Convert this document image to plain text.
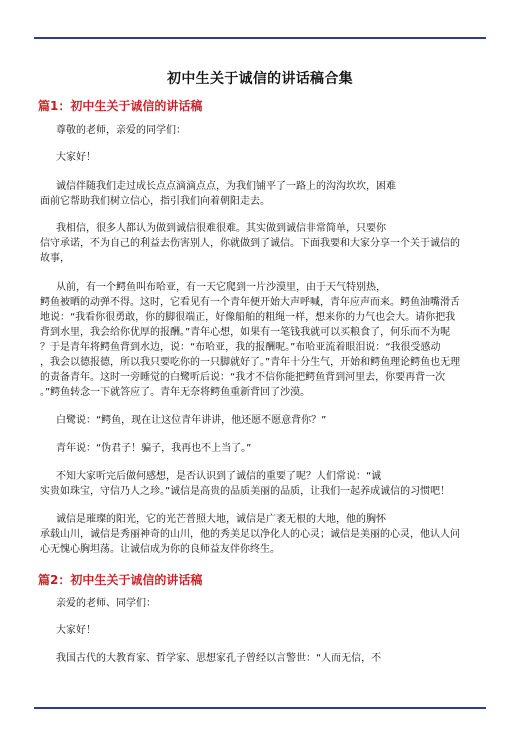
初中生关于诚信的讲话稿合集
篇1：初中生关于诚信的讲话稿
尊敬的老师，亲爱的同学们：
大家好！
诚信伴随我们走过成长点点滴滴点点，为我们铺平了一路上的沟沟坎坎，困难
面前它帮助我们树立信心，指引我们向着朝阳走去。
我相信，很多人都认为做到诚信很难很难。其实做到诚信非常简单，只要你
信守承诺，不为自己的利益去伤害别人，你就做到了诚信。下面我要和大家分享一个关于诚信的
故事，
从前，有一个鳄鱼叫布哈亚，有一天它爬到一片沙漠里，由于天气特别热，
鳄鱼被晒的动弹不得。这时，它看见有一个青年便开始大声呼喊，青年应声而来。鳄鱼油嘴滑舌
地说：“我看你很勇敢，你的脚很端正，好像船舶的粗绳一样，想来你的力气也会大。请你把我
背到水里，我会给你优厚的报酬。”青年心想，如果有一笔钱我就可以买粮食了，何乐而不为呢
？于是青年将鳄鱼背到水边，说：“布哈亚，我的报酬呢。”布哈亚流着眼泪说：“我很受感动
，我会以德报德，所以我只要吃你的一只脚就好了。”青年十分生气，开始和鳄鱼理论鳄鱼也无理
的责备青年。这时一旁睡觉的白鹭听后说：“我才不信你能把鳄鱼背到河里去，你要再背一次
。”鳄鱼转念一下就答应了。青年无奈将鳄鱼重新背回了沙漠。
白鹭说：“鳄鱼，现在让这位青年讲讲，他还愿不愿意背你？”
青年说：“伪君子！骗子，我再也不上当了。”
不知大家听完后做何感想，是否认识到了诚信的重要了呢？人们常说：“诚
实贵如珠宝，守信乃人之珍。”诚信是高贵的品质美丽的品质，让我们一起养成诚信的习惯吧！
诚信是璀璨的阳光，它的光芒普照大地，诚信是广袤无根的大地，他的胸怀
承载山川，诚信是秀丽神奇的山川，他的秀美足以净化人的心灵；诚信是美丽的心灵，他认人问
心无愧心胸坦荡。让诚信成为你的良师益友伴你终生。
篇2：初中生关于诚信的讲话稿
亲爱的老师、同学们：
大家好！
我国古代的大教育家、哲学家、思想家孔子曾经以言警世：“人而无信，不
